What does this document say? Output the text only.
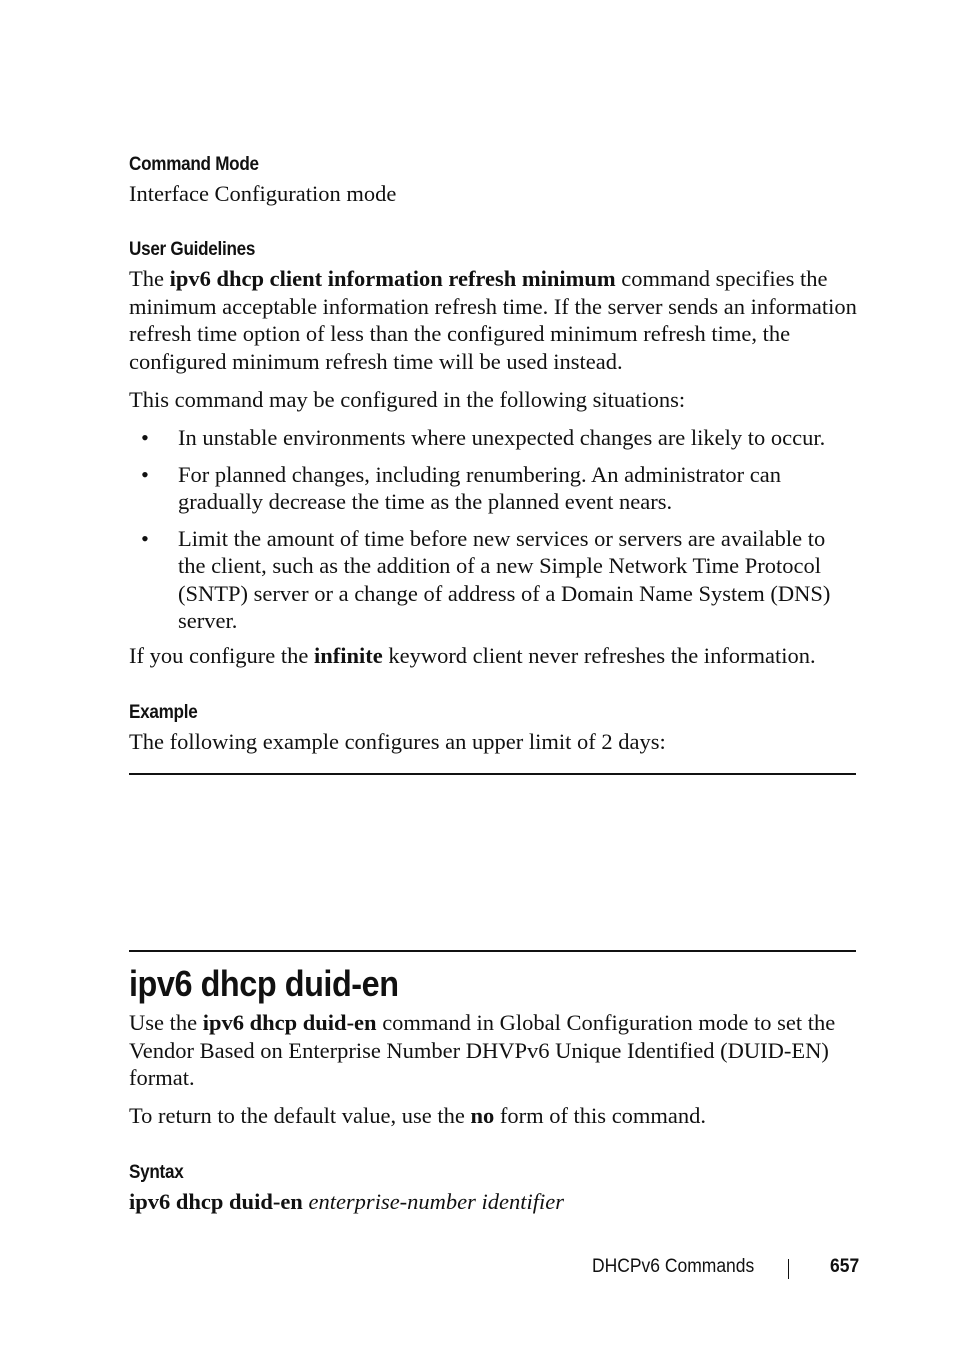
Command Mode

Interface Configuration mode

User Guidelines

The ipv6 dhcp client information refresh minimum command specifies the minimum acceptable information refresh time. If the server sends an information refresh time option of less than the configured minimum refresh time, the configured minimum refresh time will be used instead.

This command may be configured in the following situations:

• In unstable environments where unexpected changes are likely to occur.
• For planned changes, including renumbering. An administrator can gradually decrease the time as the planned event nears.
• Limit the amount of time before new services or servers are available to the client, such as the addition of a new Simple Network Time Protocol (SNTP) server or a change of address of a Domain Name System (DNS) server.

If you configure the infinite keyword client never refreshes the information.

Example

The following example configures an upper limit of 2 days:

ipv6 dhcp duid-en

Use the ipv6 dhcp duid-en command in Global Configuration mode to set the Vendor Based on Enterprise Number DHVPv6 Unique Identified (DUID-EN) format.

To return to the default value, use the no form of this command.

Syntax

ipv6 dhcp duid-en enterprise-number identifier

DHCPv6 Commands	657
